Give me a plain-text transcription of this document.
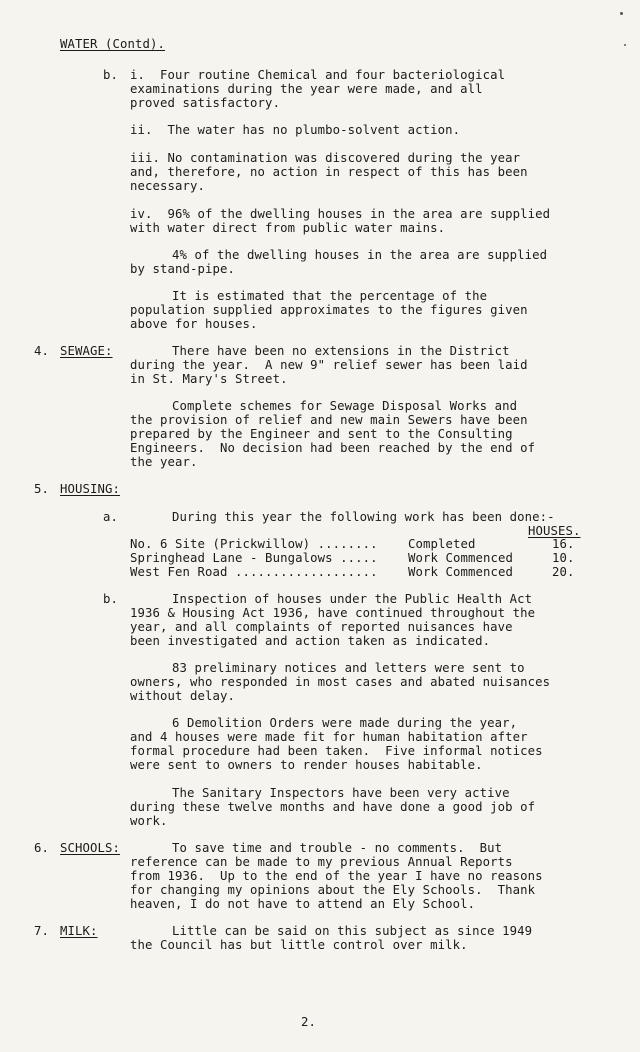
WATER (Contd).
b. i.  Four routine Chemical and four bacteriological
examinations during the year were made, and all
proved satisfactory.
ii.  The water has no plumbo-solvent action.
iii. No contamination was discovered during the year
and, therefore, no action in respect of this has been
necessary.
iv.  96% of the dwelling houses in the area are supplied
with water direct from public water mains.
4% of the dwelling houses in the area are supplied
by stand-pipe.
It is estimated that the percentage of the
population supplied approximates to the figures given
above for houses.
4. SEWAGE:	There have been no extensions in the District
during the year.  A new 9" relief sewer has been laid
in St. Mary's Street.
Complete schemes for Sewage Disposal Works and
the provision of relief and new main Sewers have been
prepared by the Engineer and sent to the Consulting
Engineers.  No decision had been reached by the end of
the year.
5. HOUSING:
a.	During this year the following work has been done:-
HOUSES.
No. 6 Site (Prickwillow) ........ Completed	16.
Springhead Lane - Bungalows ..... Work Commenced	10.
West Fen Road ................... Work Commenced	20.
b.	Inspection of houses under the Public Health Act
1936 & Housing Act 1936, have continued throughout the
year, and all complaints of reported nuisances have
been investigated and action taken as indicated.
83 preliminary notices and letters were sent to
owners, who responded in most cases and abated nuisances
without delay.
6 Demolition Orders were made during the year,
and 4 houses were made fit for human habitation after
formal procedure had been taken.  Five informal notices
were sent to owners to render houses habitable.
The Sanitary Inspectors have been very active
during these twelve months and have done a good job of
work.
6. SCHOOLS:	To save time and trouble - no comments.  But
reference can be made to my previous Annual Reports
from 1936.  Up to the end of the year I have no reasons
for changing my opinions about the Ely Schools.  Thank
heaven, I do not have to attend an Ely School.
7. MILK:	Little can be said on this subject as since 1949
the Council has but little control over milk.
2.
